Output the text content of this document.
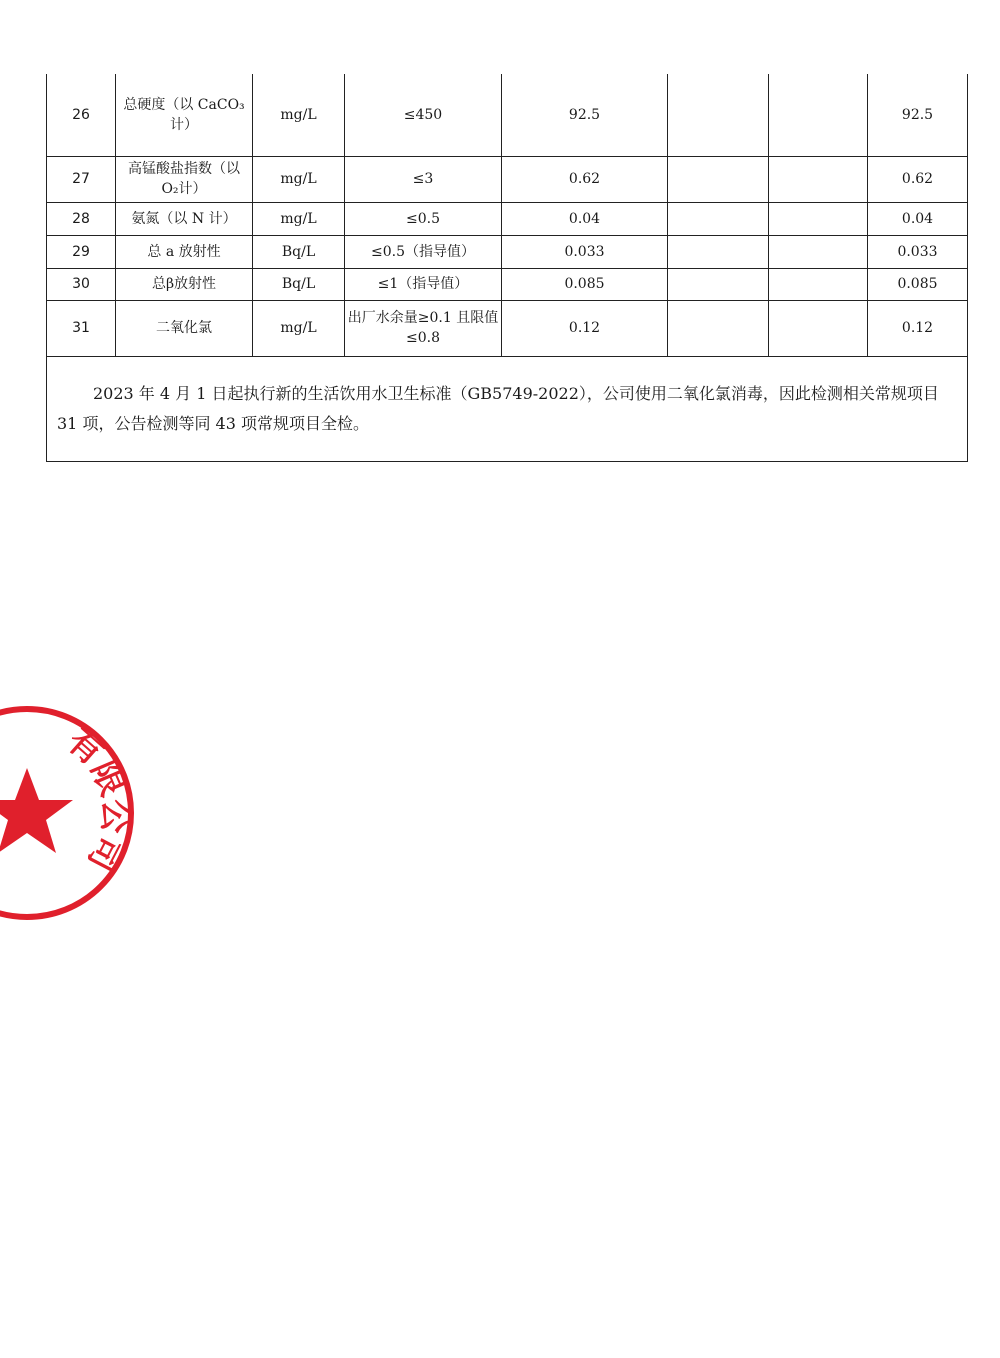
26	总硬度（以 CaCO₃ 计）	mg/L	≤450	92.5			92.5
27	高锰酸盐指数（以 O₂计）	mg/L	≤3	0.62			0.62
28	氨氮（以 N 计）	mg/L	≤0.5	0.04			0.04
29	总 a 放射性	Bq/L	≤0.5（指导值）	0.033			0.033
30	总β放射性	Bq/L	≤1（指导值）	0.085			0.085
31	二氧化氯	mg/L	出厂水余量≥0.1 且限值≤0.8	0.12			0.12
2023 年 4 月 1 日起执行新的生活饮用水卫生标准（GB5749-2022），公司使用二氧化氯消毒，因此检测相关常规项目 31 项，公告检测等同 43 项常规项目全检。							
有限公司
